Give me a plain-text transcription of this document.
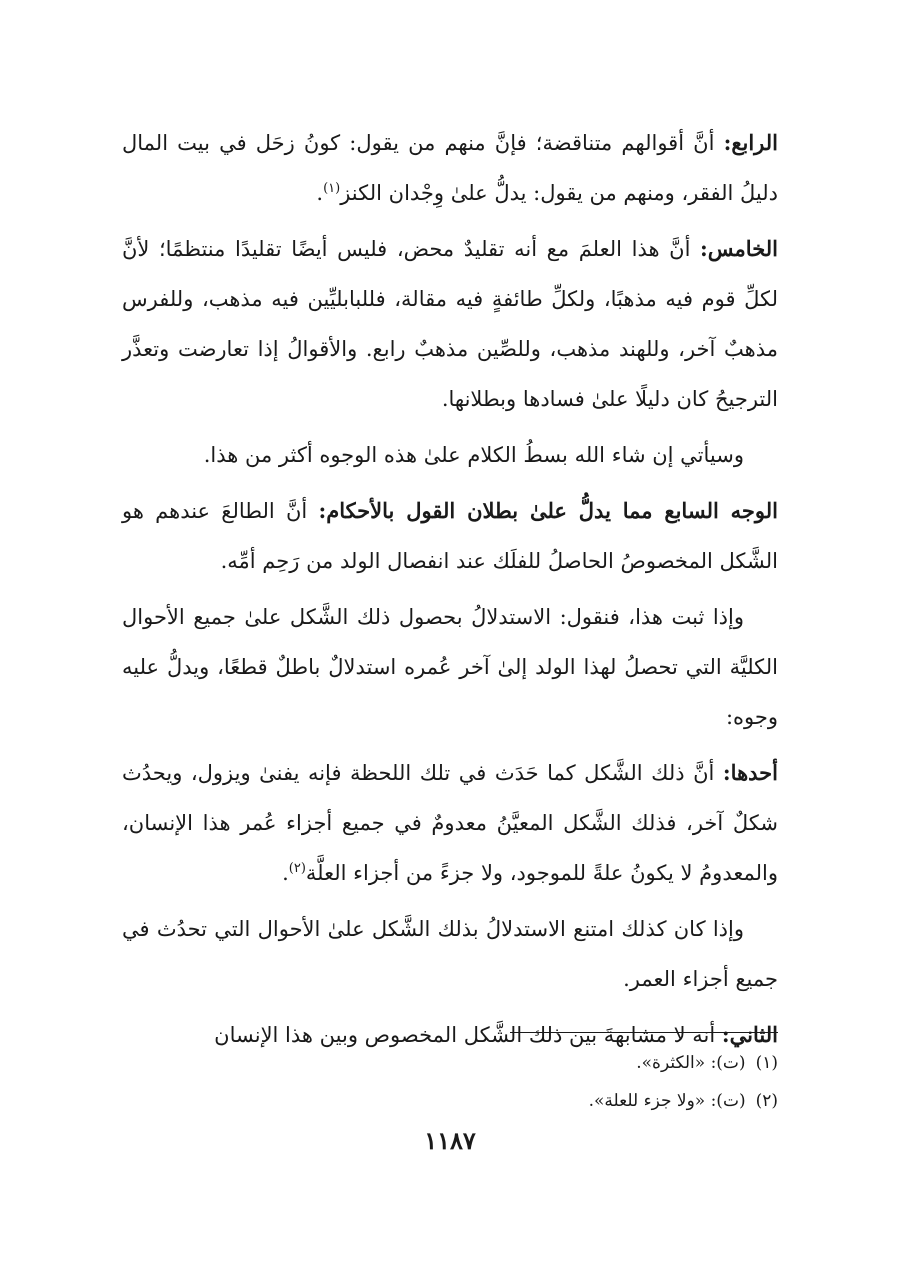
الرابع: أنَّ أقوالهم متناقضة؛ فإنَّ منهم من يقول: كونُ زحَل في بيت المال دليلُ الفقر، ومنهم من يقول: يدلُّ علىٰ وِجْدان الكنز$^{(١)}$.

الخامس: أنَّ هذا العلمَ مع أنه تقليدٌ محض، فليس أيضًا تقليدًا منتظمًا؛ لأنَّ لكلِّ قوم فيه مذهبًا، ولكلِّ طائفةٍ فيه مقالة، فللبابليِّين فيه مذهب، وللفرس مذهبٌ آخر، وللهند مذهب، وللصِّين مذهبٌ رابع. والأقوالُ إذا تعارضت وتعذَّر الترجيحُ كان دليلًا علىٰ فسادها وبطلانها.

وسيأتي إن شاء الله بسطُ الكلام علىٰ هذه الوجوه أكثر من هذا.

الوجه السابع مما يدلُّ علىٰ بطلان القول بالأحكام: أنَّ الطالعَ عندهم هو الشَّكل المخصوصُ الحاصلُ للفلَك عند انفصال الولد من رَحِم أمِّه.

وإذا ثبت هذا، فنقول: الاستدلالُ بحصول ذلك الشَّكل علىٰ جميع الأحوال الكليَّة التي تحصلُ لهذا الولد إلىٰ آخر عُمره استدلالٌ باطلٌ قطعًا، ويدلُّ عليه وجوه:

أحدها: أنَّ ذلك الشَّكل كما حَدَث في تلك اللحظة فإنه يفنىٰ ويزول، ويحدُث شكلٌ آخر، فذلك الشَّكل المعيَّنُ معدومٌ في جميع أجزاء عُمر هذا الإنسان، والمعدومُ لا يكونُ علةً للموجود، ولا جزءً من أجزاء العلَّة$^{(٢)}$.

وإذا كان كذلك امتنع الاستدلالُ بذلك الشَّكل علىٰ الأحوال التي تحدُث في جميع أجزاء العمر.

الثاني: أنه لا مشابهةَ بين ذلك الشَّكل المخصوص وبين هذا الإنسان

(١)(ت): «الكثرة».

(٢)(ت): «ولا جزء للعلة».

١١٨٧
